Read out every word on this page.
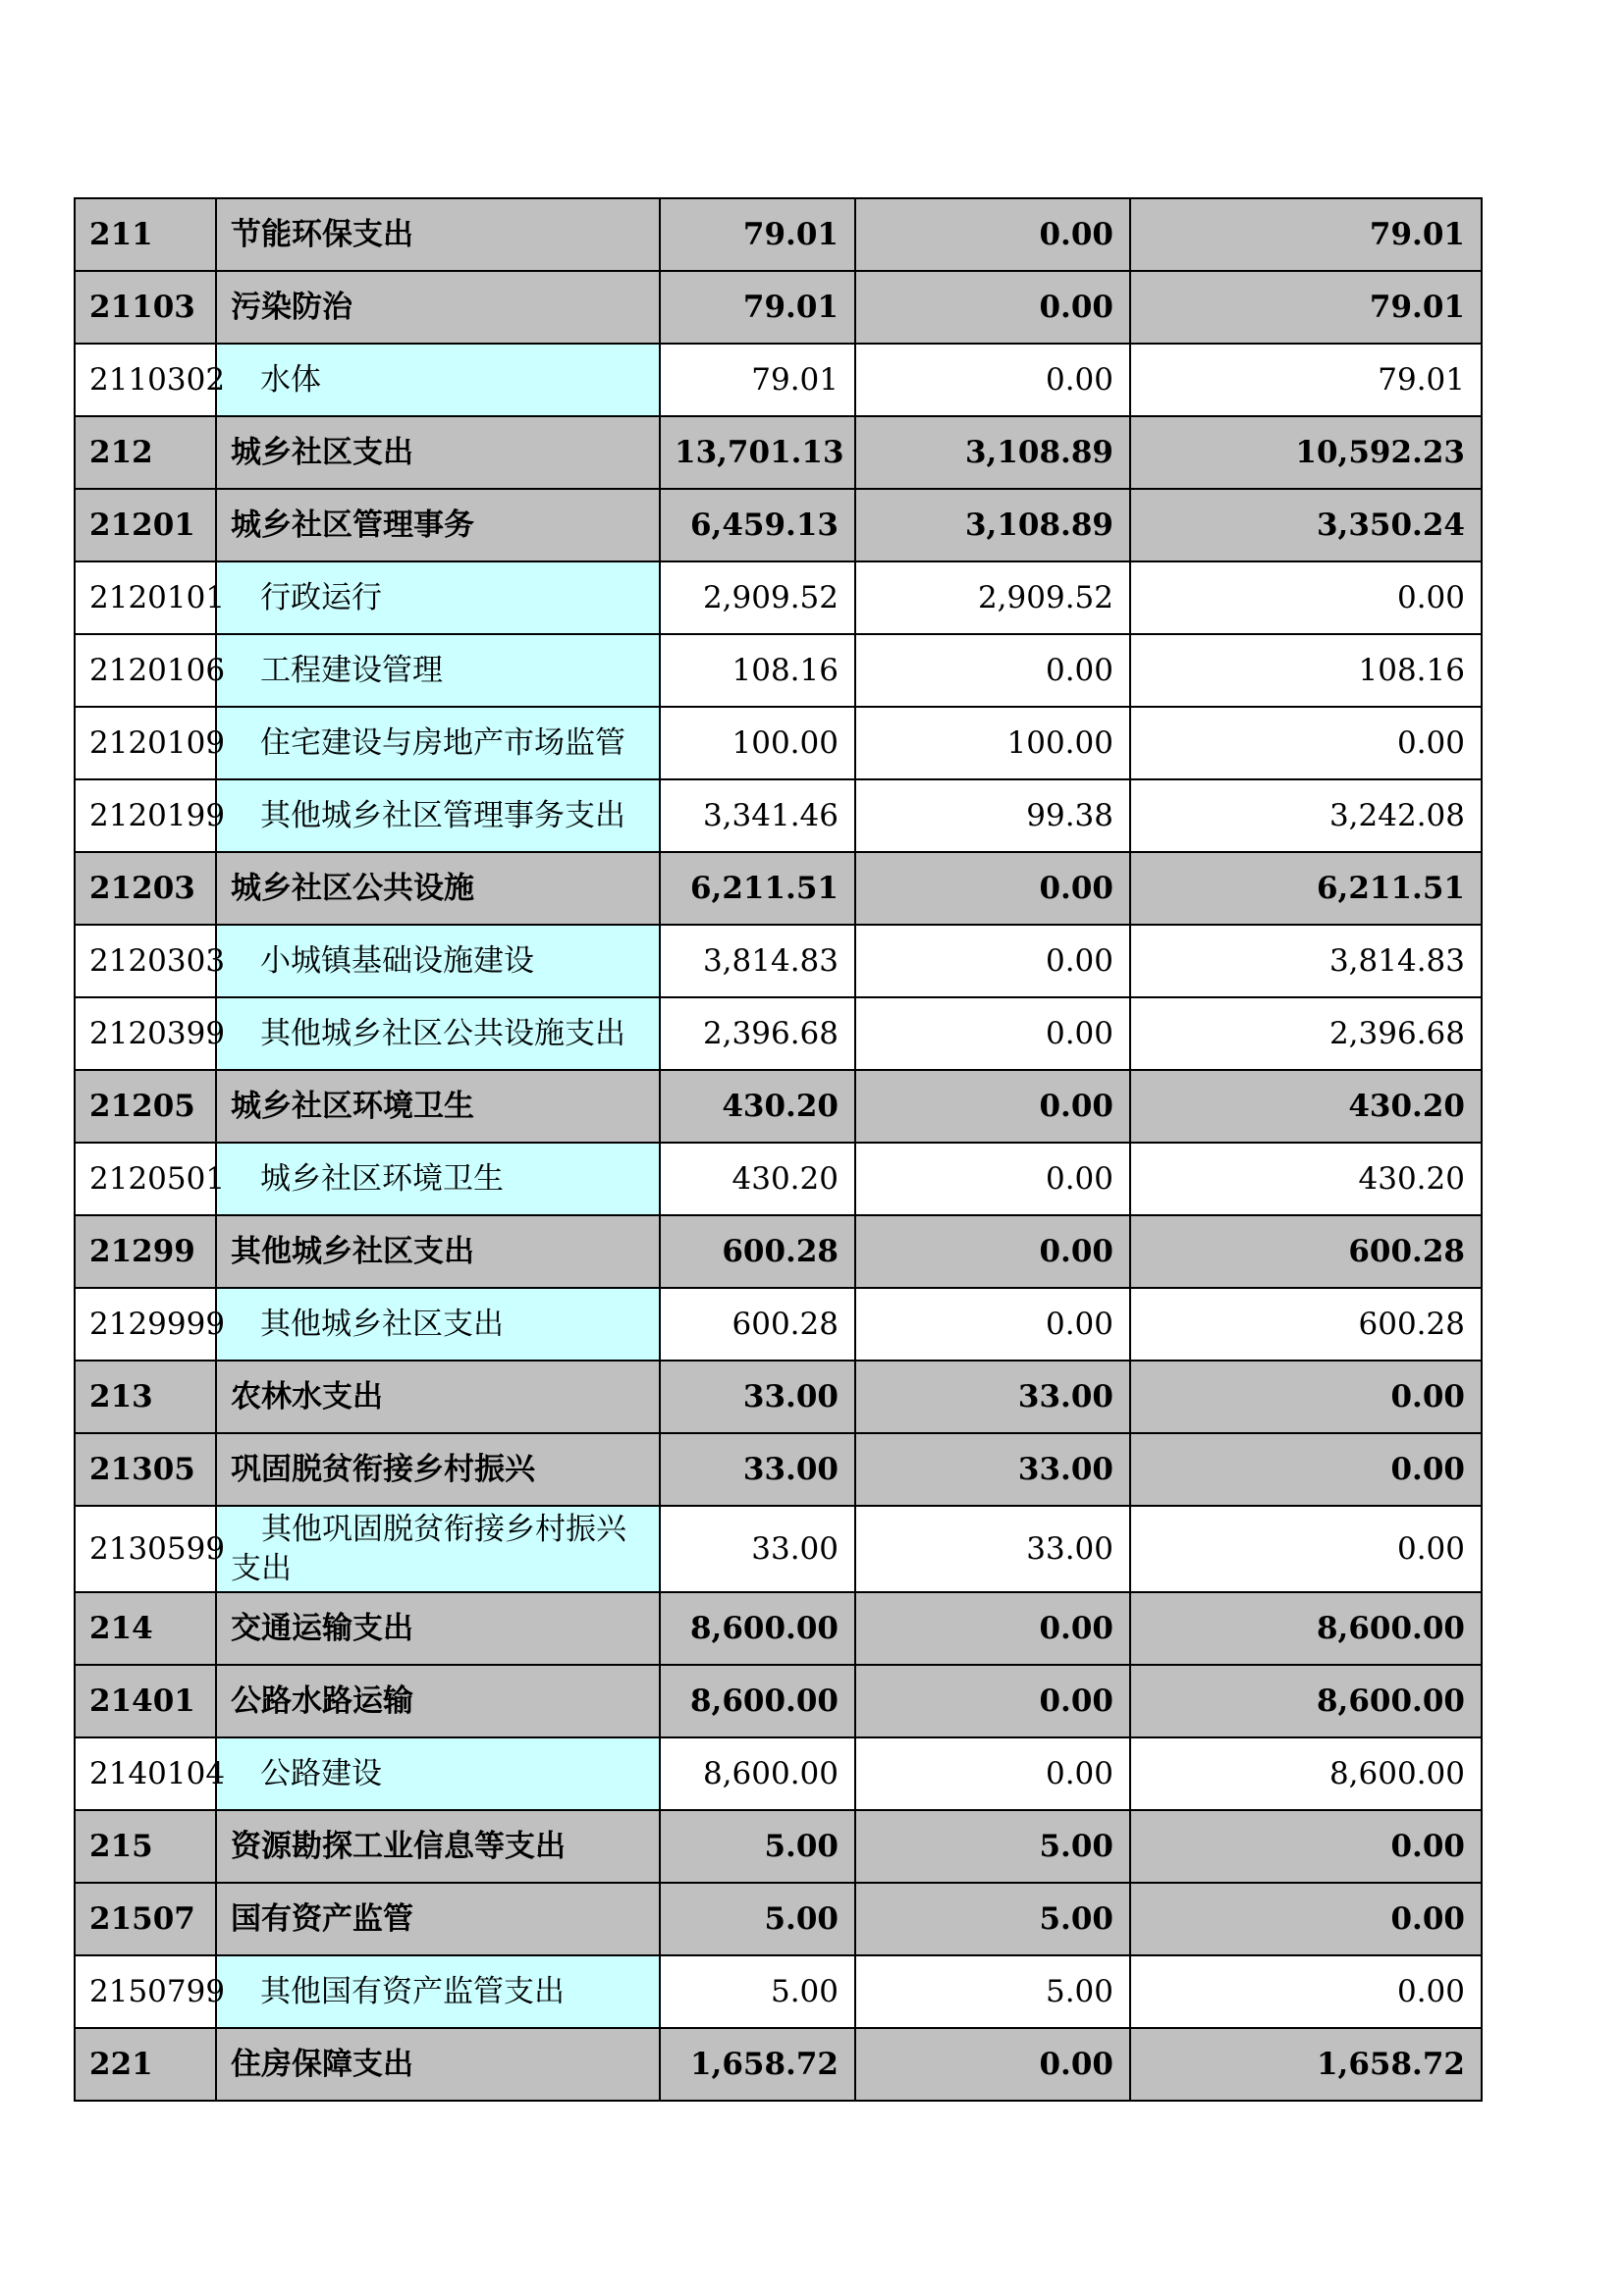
211	节能环保支出	79.01	0.00	79.01
21103	污染防治	79.01	0.00	79.01
2110302	水体	79.01	0.00	79.01
212	城乡社区支出	13,701.13	3,108.89	10,592.23
21201	城乡社区管理事务	6,459.13	3,108.89	3,350.24
2120101	行政运行	2,909.52	2,909.52	0.00
2120106	工程建设管理	108.16	0.00	108.16
2120109	住宅建设与房地产市场监管	100.00	100.00	0.00
2120199	其他城乡社区管理事务支出	3,341.46	99.38	3,242.08
21203	城乡社区公共设施	6,211.51	0.00	6,211.51
2120303	小城镇基础设施建设	3,814.83	0.00	3,814.83
2120399	其他城乡社区公共设施支出	2,396.68	0.00	2,396.68
21205	城乡社区环境卫生	430.20	0.00	430.20
2120501	城乡社区环境卫生	430.20	0.00	430.20
21299	其他城乡社区支出	600.28	0.00	600.28
2129999	其他城乡社区支出	600.28	0.00	600.28
213	农林水支出	33.00	33.00	0.00
21305	巩固脱贫衔接乡村振兴	33.00	33.00	0.00
2130599	　其他巩固脱贫衔接乡村振兴支出	33.00	33.00	0.00
214	交通运输支出	8,600.00	0.00	8,600.00
21401	公路水路运输	8,600.00	0.00	8,600.00
2140104	公路建设	8,600.00	0.00	8,600.00
215	资源勘探工业信息等支出	5.00	5.00	0.00
21507	国有资产监管	5.00	5.00	0.00
2150799	其他国有资产监管支出	5.00	5.00	0.00
221	住房保障支出	1,658.72	0.00	1,658.72
